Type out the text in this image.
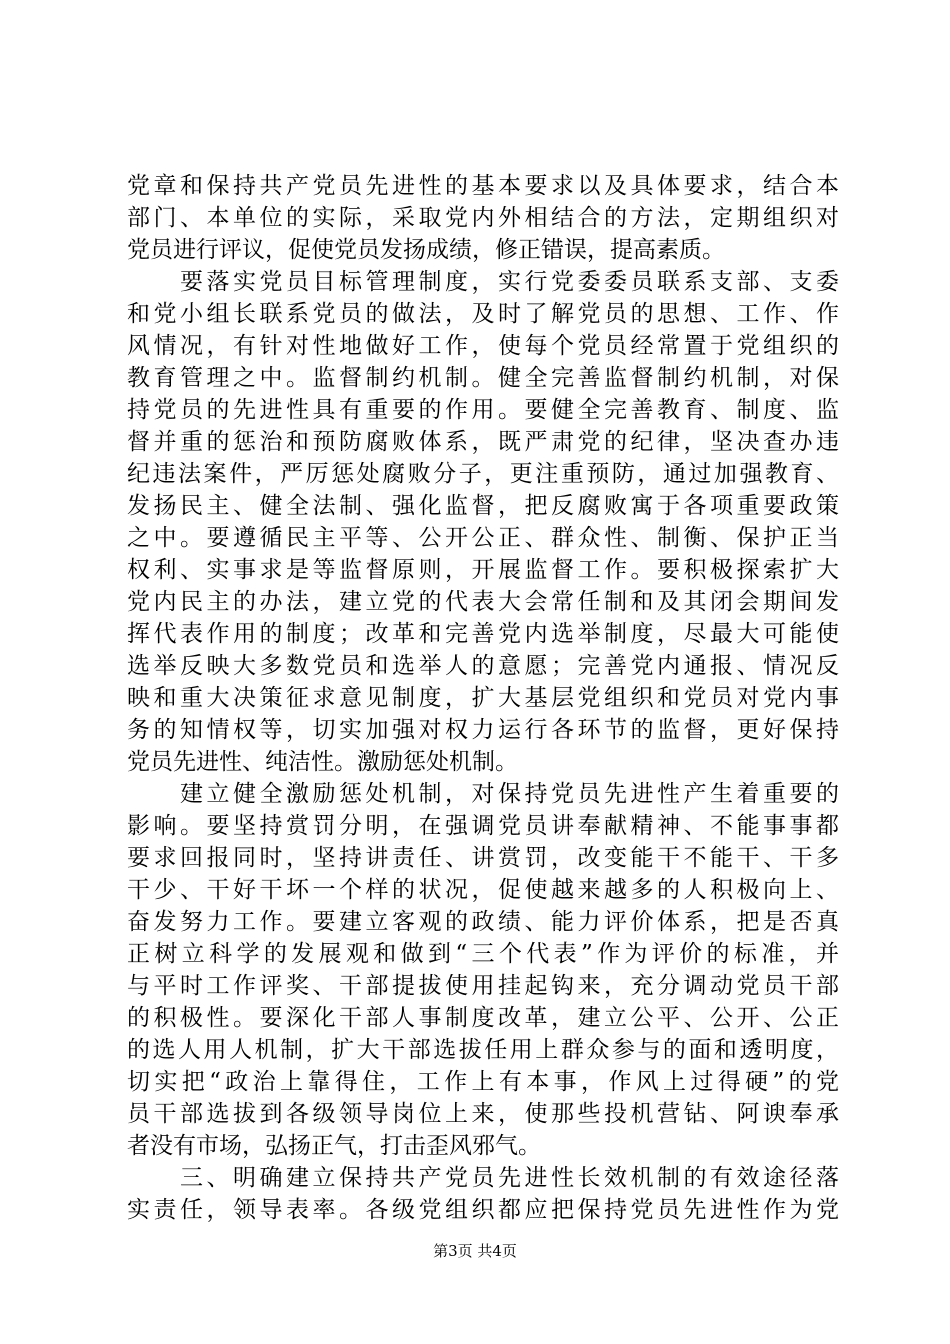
党章和保持共产党员先进性的基本要求以及具体要求，结合本
部门、本单位的实际，采取党内外相结合的方法，定期组织对
党员进行评议，促使党员发扬成绩，修正错误，提高素质。
　　要落实党员目标管理制度，实行党委委员联系支部、支委
和党小组长联系党员的做法，及时了解党员的思想、工作、作
风情况，有针对性地做好工作，使每个党员经常置于党组织的
教育管理之中。监督制约机制。健全完善监督制约机制，对保
持党员的先进性具有重要的作用。要健全完善教育、制度、监
督并重的惩治和预防腐败体系，既严肃党的纪律，坚决查办违
纪违法案件，严厉惩处腐败分子，更注重预防，通过加强教育、
发扬民主、健全法制、强化监督，把反腐败寓于各项重要政策
之中。要遵循民主平等、公开公正、群众性、制衡、保护正当
权利、实事求是等监督原则，开展监督工作。要积极探索扩大
党内民主的办法，建立党的代表大会常任制和及其闭会期间发
挥代表作用的制度；改革和完善党内选举制度，尽最大可能使
选举反映大多数党员和选举人的意愿；完善党内通报、情况反
映和重大决策征求意见制度，扩大基层党组织和党员对党内事
务的知情权等，切实加强对权力运行各环节的监督，更好保持
党员先进性、纯洁性。激励惩处机制。
　　建立健全激励惩处机制，对保持党员先进性产生着重要的
影响。要坚持赏罚分明，在强调党员讲奉献精神、不能事事都
要求回报同时，坚持讲责任、讲赏罚，改变能干不能干、干多
干少、干好干坏一个样的状况，促使越来越多的人积极向上、
奋发努力工作。要建立客观的政绩、能力评价体系，把是否真
正树立科学的发展观和做到“三个代表”作为评价的标准，并
与平时工作评奖、干部提拔使用挂起钩来，充分调动党员干部
的积极性。要深化干部人事制度改革，建立公平、公开、公正
的选人用人机制，扩大干部选拔任用上群众参与的面和透明度，
切实把“政治上靠得住，工作上有本事，作风上过得硬”的党
员干部选拔到各级领导岗位上来，使那些投机营钻、阿谀奉承
者没有市场，弘扬正气，打击歪风邪气。
　　三、明确建立保持共产党员先进性长效机制的有效途径落
实责任，领导表率。各级党组织都应把保持党员先进性作为党
第3页 共4页
